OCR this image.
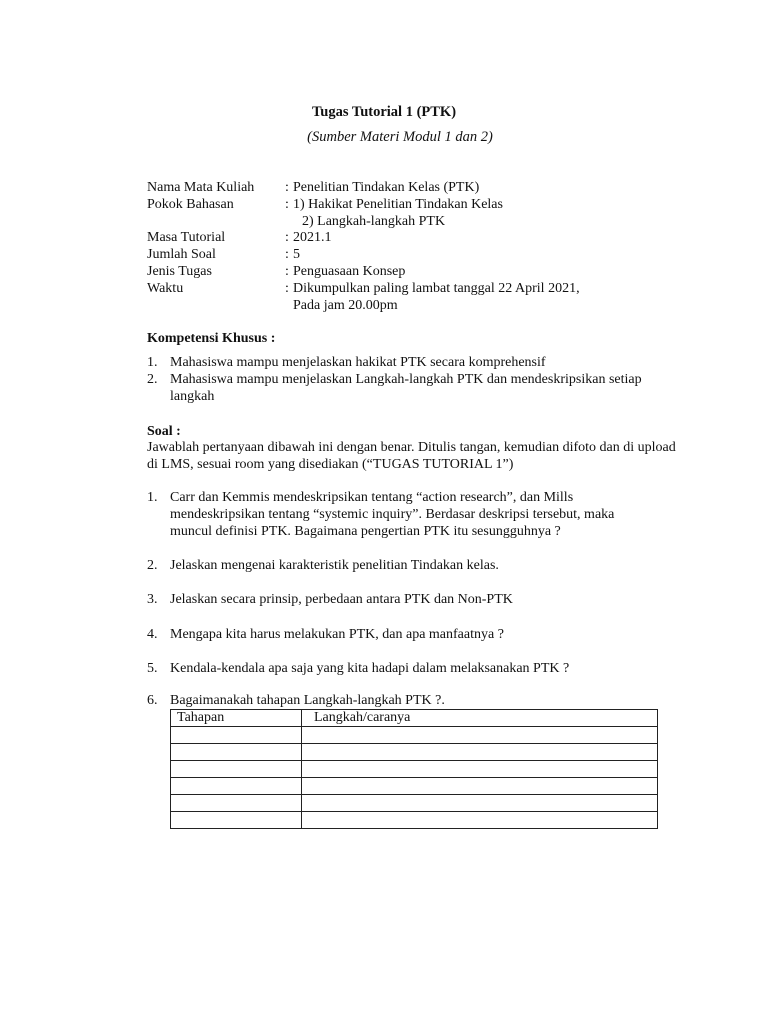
Tugas Tutorial 1 (PTK)
(Sumber Materi Modul 1 dan 2)
Nama Mata Kuliah	: Penelitian Tindakan Kelas (PTK)
Pokok Bahasan	: 1) Hakikat Penelitian Tindakan Kelas
2) Langkah-langkah PTK
Masa Tutorial	: 2021.1
Jumlah Soal	: 5
Jenis Tugas	: Penguasaan Konsep
Waktu	: Dikumpulkan paling lambat tanggal 22 April 2021,
Pada jam 20.00pm
Kompetensi Khusus :
1. Mahasiswa mampu menjelaskan hakikat PTK secara komprehensif
2. Mahasiswa mampu menjelaskan Langkah-langkah PTK dan mendeskripsikan setiap langkah
Soal :
Jawablah pertanyaan dibawah ini dengan benar. Ditulis tangan, kemudian difoto dan di upload di LMS, sesuai room yang disediakan (“TUGAS TUTORIAL 1”)
1. Carr dan Kemmis mendeskripsikan tentang “action research”, dan Mills mendeskripsikan tentang “systemic inquiry”. Berdasar deskripsi tersebut, maka muncul definisi PTK. Bagaimana pengertian PTK itu sesungguhnya ?
2. Jelaskan mengenai karakteristik penelitian Tindakan kelas.
3. Jelaskan secara prinsip, perbedaan antara PTK dan Non-PTK
4. Mengapa kita harus melakukan PTK, dan apa manfaatnya ?
5. Kendala-kendala apa saja yang kita hadapi dalam melaksanakan PTK ?
6. Bagaimanakah tahapan Langkah-langkah PTK ?.
Tahapan	Langkah/caranya
